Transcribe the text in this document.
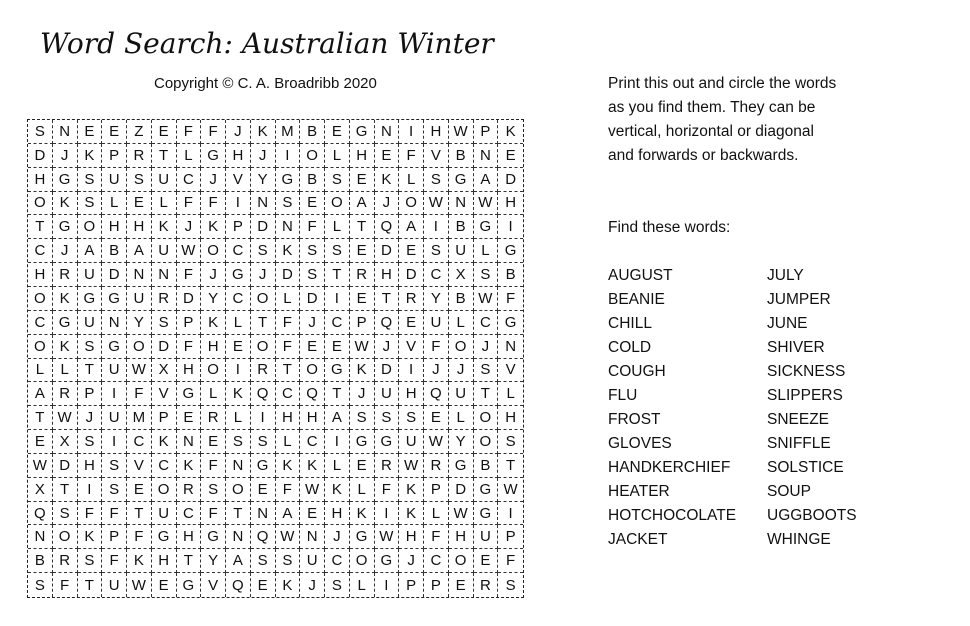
Word Search: Australian Winter
Copyright © C. A. Broadribb 2020
S N E E	Z	E	F	F	J	K M B E G N	I	H W P	K
D	J	K P R T	L G H	J	I	O L	H E	F	V B N E
H G S U S U C	J	V Y G B S E K	L	S G A D
O K S	L	E	L	F	F	I	N S E O A	J	O W N W H
T G O H H K	J	K P D N F	L	T Q A	I	B G	I
C	J	A B A U W O C S K S S E D E S U	L	G
H R U D N N F	J	G	J	D S	T R H D C X S	B
O K G G U R D Y C O L	D	I	E	T R Y B W F
C G U N Y S P K	L	T	F	J	C P Q E U	L	C G
O K S G O D F H E O F	E E W J	V	F O	J	N
L	L	T U W X H O	I	R T O G K D	I	J	J	S	V
A R P	I	F	V G L	K Q C Q T	J	U H Q U T	L
T W J	U M P E R	L	I	H H A S S S E	L O H
E X S	I	C K N E S S	L	C	I	G G U W Y O S
W D H S V C K	F N G K K	L	E R W R G B	T
X	T	I	S E O R S O E	F W K	L	F	K P D G W
Q S	F	F	T U C F	T N A E H K	I	K	L W G	I
N O K P	F G H G N Q W N	J	G W H F H U P
B R S	F	K H T	Y A S S U C O G	J	C O E	F
S	F	T U W E G V Q E K	J	S	L	I	P P E R S
Print this out and circle the words
as you find them. They can be
vertical, horizontal or diagonal
and forwards or backwards.
Find these words:
AUGUST
BEANIE
CHILL
COLD
COUGH
FLU
FROST
GLOVES
HANDKERCHIEF
HEATER
HOTCHOCOLATE
JACKET
JULY
JUMPER
JUNE
SHIVER
SICKNESS
SLIPPERS
SNEEZE
SNIFFLE
SOLSTICE
SOUP
UGGBOOTS
WHINGE
